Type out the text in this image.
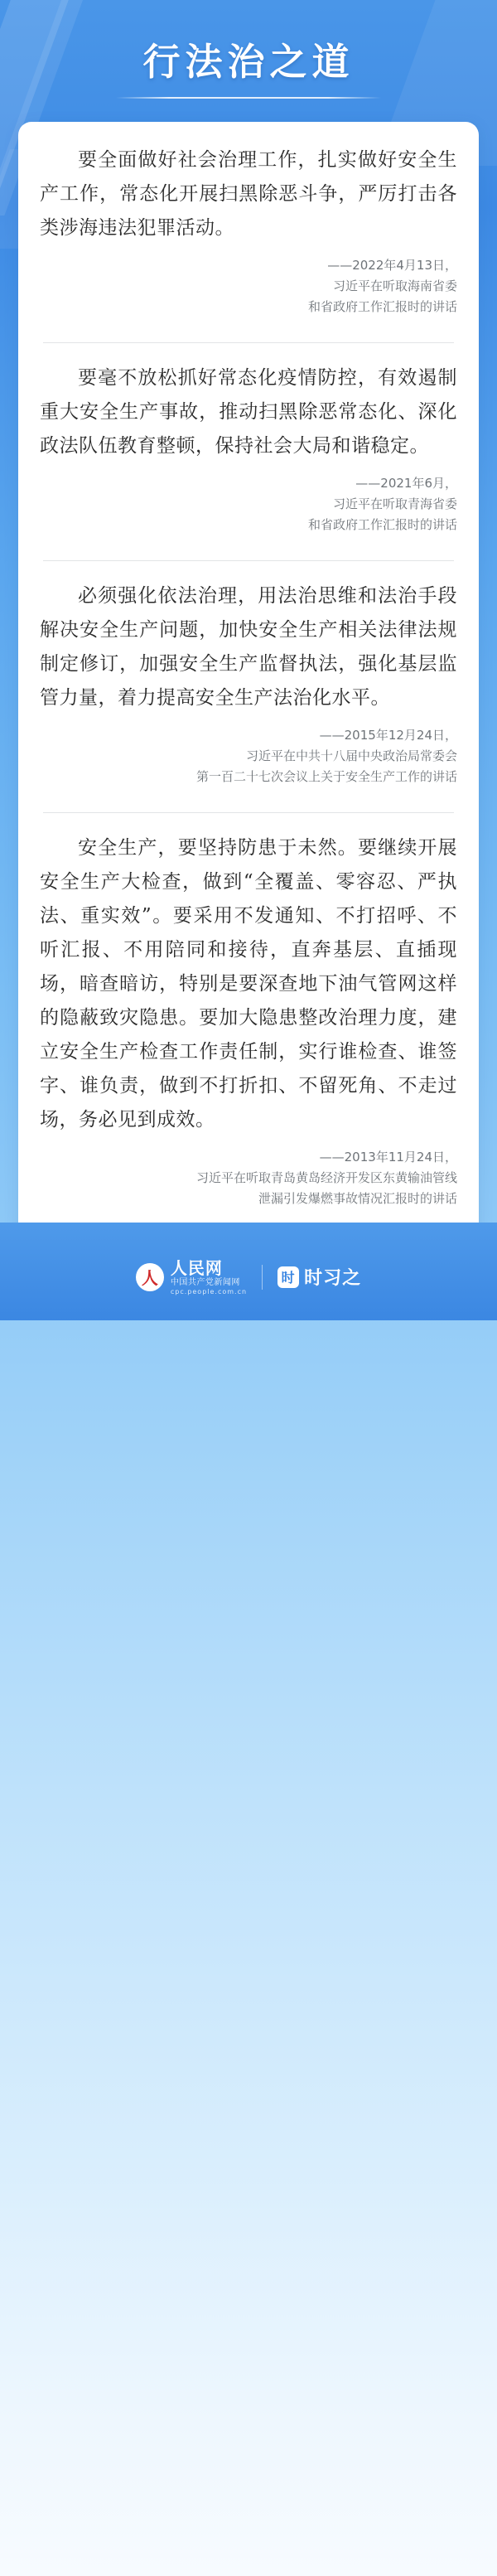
行法治之道
要全面做好社会治理工作，扎实做好安全生产工作，常态化开展扫黑除恶斗争，严厉打击各类涉海违法犯罪活动。
——2022年4月13日，
习近平在听取海南省委
和省政府工作汇报时的讲话
要毫不放松抓好常态化疫情防控，有效遏制重大安全生产事故，推动扫黑除恶常态化、深化政法队伍教育整顿，保持社会大局和谐稳定。
——2021年6月，
习近平在听取青海省委
和省政府工作汇报时的讲话
必须强化依法治理，用法治思维和法治手段解决安全生产问题，加快安全生产相关法律法规制定修订，加强安全生产监督执法，强化基层监管力量，着力提高安全生产法治化水平。
——2015年12月24日，
习近平在中共十八届中央政治局常委会
第一百二十七次会议上关于安全生产工作的讲话
安全生产，要坚持防患于未然。要继续开展安全生产大检查，做到“全覆盖、零容忍、严执法、重实效”。要采用不发通知、不打招呼、不听汇报、不用陪同和接待，直奔基层、直插现场，暗查暗访，特别是要深查地下油气管网这样的隐蔽致灾隐患。要加大隐患整改治理力度，建立安全生产检查工作责任制，实行谁检查、谁签字、谁负责，做到不打折扣、不留死角、不走过场，务必见到成效。
——2013年11月24日，
习近平在听取青岛黄岛经济开发区东黄输油管线
泄漏引发爆燃事故情况汇报时的讲话
人
人民网
中国共产党新闻网
cpc.people.com.cn
时 时习之
